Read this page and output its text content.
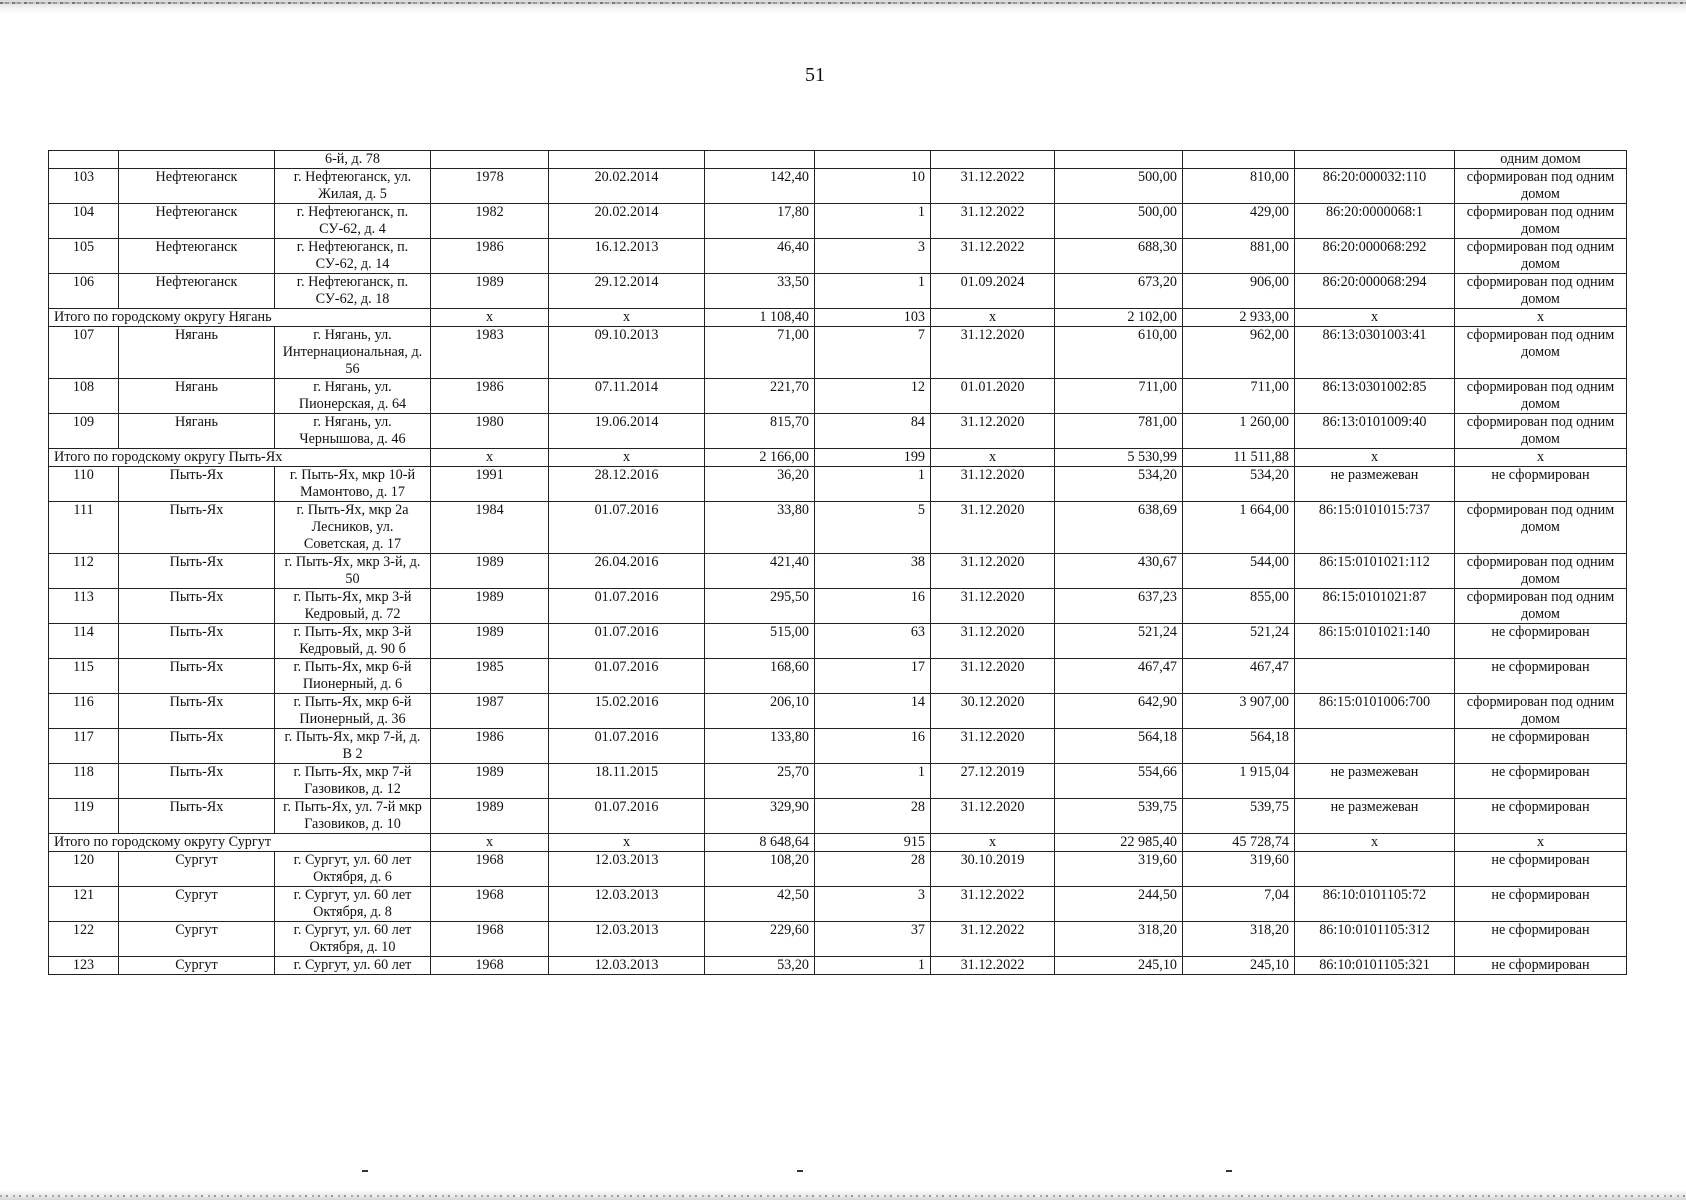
51
		6-й, д. 78									одним домом
103	Нефтеюганск	г. Нефтеюганск, ул. Жилая, д. 5	1978	20.02.2014	142,40	10	31.12.2022	500,00	810,00	86:20:000032:110	сформирован под одним домом
104	Нефтеюганск	г. Нефтеюганск, п. СУ-62, д. 4	1982	20.02.2014	17,80	1	31.12.2022	500,00	429,00	86:20:0000068:1	сформирован под одним домом
105	Нефтеюганск	г. Нефтеюганск, п. СУ-62, д. 14	1986	16.12.2013	46,40	3	31.12.2022	688,30	881,00	86:20:000068:292	сформирован под одним домом
106	Нефтеюганск	г. Нефтеюганск, п. СУ-62, д. 18	1989	29.12.2014	33,50	1	01.09.2024	673,20	906,00	86:20:000068:294	сформирован под одним домом
Итого по городскому округу Нягань			x	x	1 108,40	103	x	2 102,00	2 933,00	x	x
107	Нягань	г. Нягань, ул. Интернациональная, д. 56	1983	09.10.2013	71,00	7	31.12.2020	610,00	962,00	86:13:0301003:41	сформирован под одним домом
108	Нягань	г. Нягань, ул. Пионерская, д. 64	1986	07.11.2014	221,70	12	01.01.2020	711,00	711,00	86:13:0301002:85	сформирован под одним домом
109	Нягань	г. Нягань, ул. Чернышова, д. 46	1980	19.06.2014	815,70	84	31.12.2020	781,00	1 260,00	86:13:0101009:40	сформирован под одним домом
Итого по городскому округу Пыть-Ях			x	x	2 166,00	199	x	5 530,99	11 511,88	x	x
110	Пыть-Ях	г. Пыть-Ях, мкр 10-й Мамонтово, д. 17	1991	28.12.2016	36,20	1	31.12.2020	534,20	534,20	не размежеван	не сформирован
111	Пыть-Ях	г. Пыть-Ях, мкр 2а Лесников, ул. Советская, д. 17	1984	01.07.2016	33,80	5	31.12.2020	638,69	1 664,00	86:15:0101015:737	сформирован под одним домом
112	Пыть-Ях	г. Пыть-Ях, мкр 3-й, д. 50	1989	26.04.2016	421,40	38	31.12.2020	430,67	544,00	86:15:0101021:112	сформирован под одним домом
113	Пыть-Ях	г. Пыть-Ях, мкр 3-й Кедровый, д. 72	1989	01.07.2016	295,50	16	31.12.2020	637,23	855,00	86:15:0101021:87	сформирован под одним домом
114	Пыть-Ях	г. Пыть-Ях, мкр 3-й Кедровый, д. 90 б	1989	01.07.2016	515,00	63	31.12.2020	521,24	521,24	86:15:0101021:140	не сформирован
115	Пыть-Ях	г. Пыть-Ях, мкр 6-й Пионерный, д. 6	1985	01.07.2016	168,60	17	31.12.2020	467,47	467,47		не сформирован
116	Пыть-Ях	г. Пыть-Ях, мкр 6-й Пионерный, д. 36	1987	15.02.2016	206,10	14	30.12.2020	642,90	3 907,00	86:15:0101006:700	сформирован под одним домом
117	Пыть-Ях	г. Пыть-Ях, мкр 7-й, д. В 2	1986	01.07.2016	133,80	16	31.12.2020	564,18	564,18		не сформирован
118	Пыть-Ях	г. Пыть-Ях, мкр 7-й Газовиков, д. 12	1989	18.11.2015	25,70	1	27.12.2019	554,66	1 915,04	не размежеван	не сформирован
119	Пыть-Ях	г. Пыть-Ях, ул. 7-й мкр Газовиков, д. 10	1989	01.07.2016	329,90	28	31.12.2020	539,75	539,75	не размежеван	не сформирован
Итого по городскому округу Сургут			x	x	8 648,64	915	x	22 985,40	45 728,74	x	x
120	Сургут	г. Сургут, ул. 60 лет Октября, д. 6	1968	12.03.2013	108,20	28	30.10.2019	319,60	319,60		не сформирован
121	Сургут	г. Сургут, ул. 60 лет Октября, д. 8	1968	12.03.2013	42,50	3	31.12.2022	244,50	7,04	86:10:0101105:72	не сформирован
122	Сургут	г. Сургут, ул. 60 лет Октября, д. 10	1968	12.03.2013	229,60	37	31.12.2022	318,20	318,20	86:10:0101105:312	не сформирован
123	Сургут	г. Сургут, ул. 60 лет	1968	12.03.2013	53,20	1	31.12.2022	245,10	245,10	86:10:0101105:321	не сформирован
